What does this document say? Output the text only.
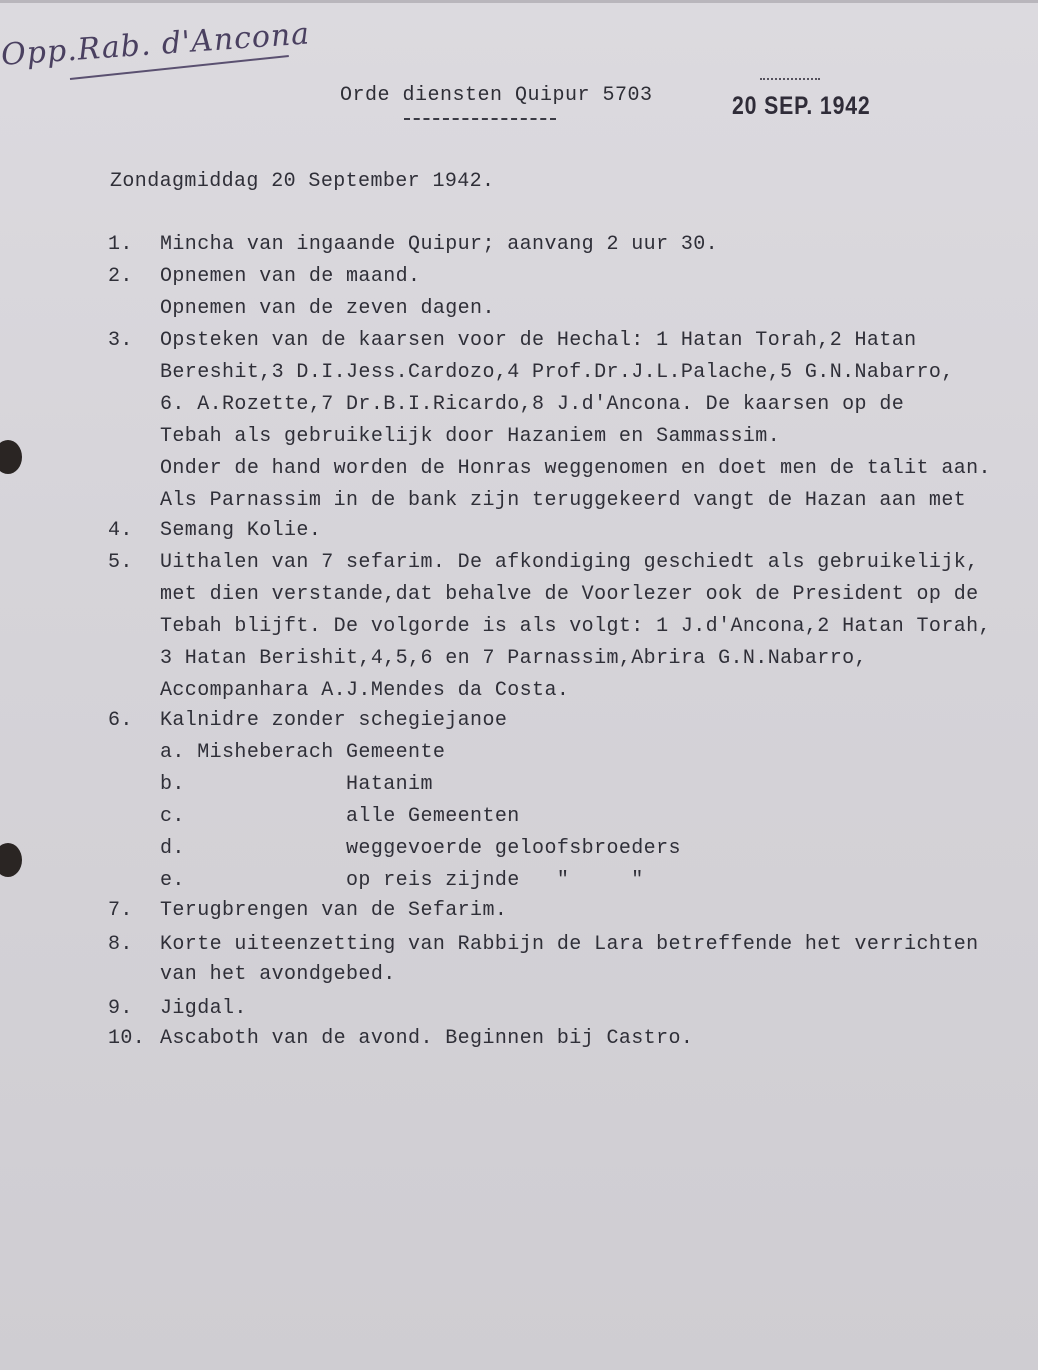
Opp.Rab. d'Ancona
Orde diensten Quipur 5703	20 SEP. 1942
Zondagmiddag 20 September 1942.
1. Mincha van ingaande Quipur; aanvang 2 uur 30.
2. Opnemen van de maand.
Opnemen van de zeven dagen.
3. Opsteken van de kaarsen voor de Hechal: 1 Hatan Torah,2 Hatan
Bereshit,3 D.I.Jess.Cardozo,4 Prof.Dr.J.L.Palache,5 G.N.Nabarro,
6. A.Rozette,7 Dr.B.I.Ricardo,8 J.d'Ancona. De kaarsen op de
Tebah als gebruikelijk door Hazaniem en Sammassim.
Onder de hand worden de Honras weggenomen en doet men de talit aan.
Als Parnassim in de bank zijn teruggekeerd vangt de Hazan aan met
4. Semang Kolie.
5. Uithalen van 7 sefarim. De afkondiging geschiedt als gebruikelijk,
met dien verstande,dat behalve de Voorlezer ook de President op de
Tebah blijft. De volgorde is als volgt: 1 J.d'Ancona,2 Hatan Torah,
3 Hatan Berishit,4,5,6 en 7 Parnassim,Abrira G.N.Nabarro,
Accompanhara A.J.Mendes da Costa.
6. Kalnidre zonder schegiejanoe
a. Misheberach Gemeente
b.             Hatanim
c.             alle Gemeenten
d.             weggevoerde geloofsbroeders
e.             op reis zijnde   "     "
7. Terugbrengen van de Sefarim.
8. Korte uiteenzetting van Rabbijn de Lara betreffende het verrichten
van het avondgebed.
9. Jigdal.
10. Ascaboth van de avond. Beginnen bij Castro.
